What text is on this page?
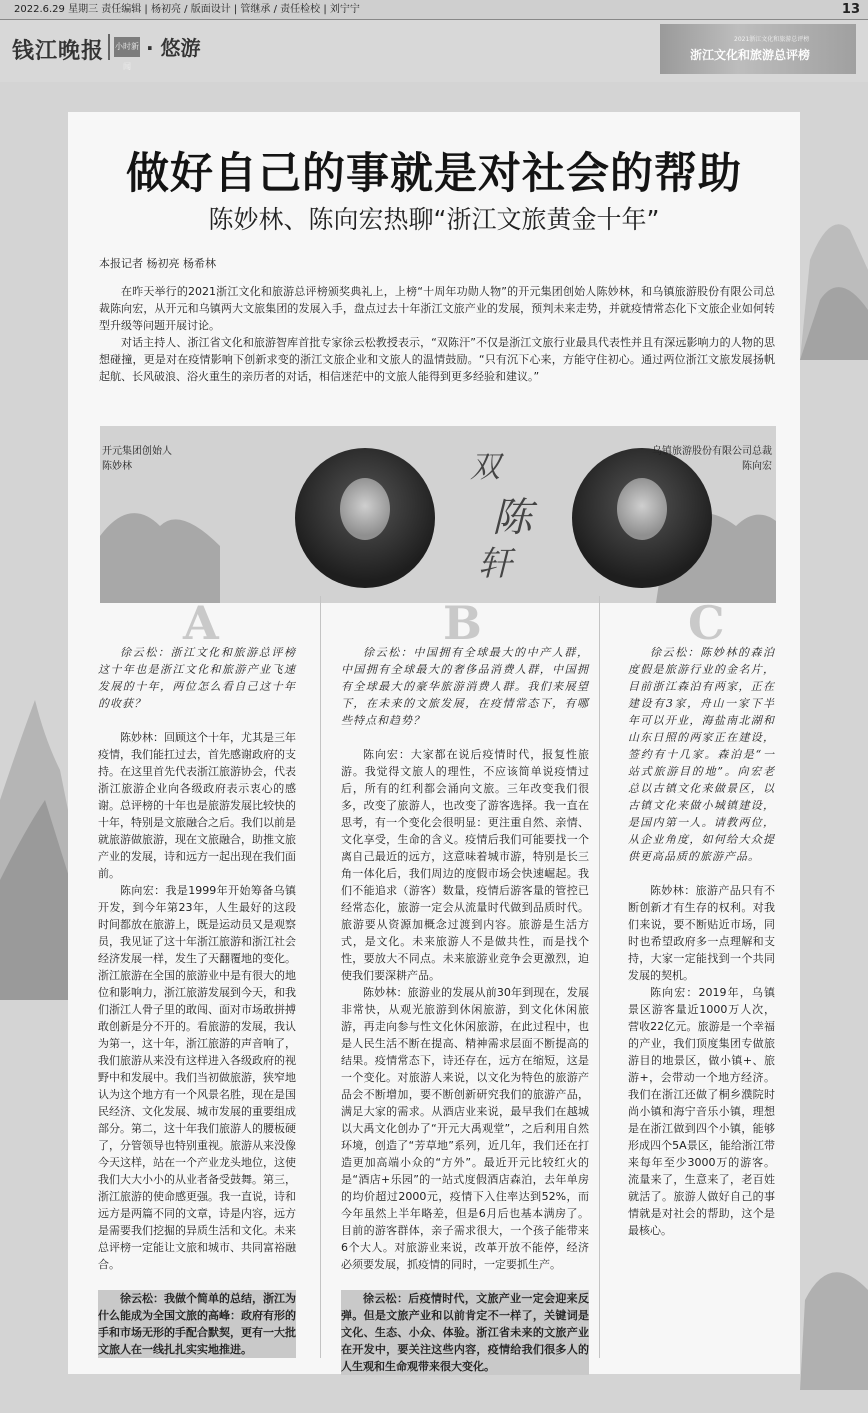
2022.6.29 星期三 责任编辑 | 杨初亮 / 版面设计 | 管继承 / 责任检校 | 刘宁宁	13
钱江晚报 小时新闻
· 悠游	2021浙江文化和旅游总评榜
浙江文化和旅游总评榜
做好自己的事就是对社会的帮助
陈妙林、陈向宏热聊“浙江文旅黄金十年”
本报记者 杨初亮 杨希林

在昨天举行的2021浙江文化和旅游总评榜颁奖典礼上，上榜“十周年功勋人物”的开元集团创始人陈妙林，和乌镇旅游股份有限公司总裁陈向宏，从开元和乌镇两大文旅集团的发展入手，盘点过去十年浙江文旅产业的发展，预判未来走势，并就疫情常态化下文旅企业如何转型升级等问题开展讨论。

对话主持人、浙江省文化和旅游智库首批专家徐云松教授表示，“双陈汗”不仅是浙江文旅行业最具代表性并且有深远影响力的人物的思想碰撞，更是对在疫情影响下创新求变的浙江文旅企业和文旅人的温情鼓励。“只有沉下心来，方能守住初心。通过两位浙江文旅发展扬帆起航、长风破浪、浴火重生的亲历者的对话，相信迷茫中的文旅人能得到更多经验和建议。”

双
陈
轩
开元集团创始人
陈妙林
乌镇旅游股份有限公司总裁
陈向宏
A	B	C

徐云松：浙江文化和旅游总评榜这十年也是浙江文化和旅游产业飞速发展的十年，两位怎么看自己这十年的收获？

陈妙林：回顾这个十年，尤其是三年疫情，我们能扛过去，首先感谢政府的支持。在这里首先代表浙江旅游协会，代表浙江旅游企业向各级政府表示衷心的感谢。总评榜的十年也是旅游发展比较快的十年，特别是文旅融合之后。我们以前是就旅游做旅游，现在文旅融合，助推文旅产业的发展，诗和远方一起出现在我们面前。

陈向宏：我是1999年开始筹备乌镇开发，到今年第23年，人生最好的这段时间都放在旅游上，既是运动员又是观察员，我见证了这十年浙江旅游和浙江社会经济发展一样，发生了天翻覆地的变化。浙江旅游在全国的旅游业中是有很大的地位和影响力，浙江旅游发展到今天，和我们浙江人骨子里的敢闯、面对市场敢拼搏敢创新是分不开的。看旅游的发展，我认为第一，这十年，浙江旅游的声音响了，我们旅游从来没有这样进入各级政府的视野中和发展中。我们当初做旅游，狭窄地认为这个地方有一个风景名胜，现在是国民经济、文化发展、城市发展的重要组成部分。第二，这十年我们旅游人的腰板硬了，分管领导也特别重视。旅游从来没像今天这样，站在一个产业龙头地位，这使我们大大小小的从业者备受鼓舞。第三，浙江旅游的使命感更强。我一直说，诗和远方是两篇不同的文章，诗是内容，远方是需要我们挖掘的异质生活和文化。未来总评榜一定能让文旅和城市、共同富裕融合。

徐云松：我做个简单的总结，浙江为什么能成为全国文旅的高峰：政府有形的手和市场无形的手配合默契，更有一大批文旅人在一线扎扎实实地推进。

徐云松：中国拥有全球最大的中产人群，中国拥有全球最大的奢侈品消费人群，中国拥有全球最大的豪华旅游消费人群。我们来展望下，在未来的文旅发展，在疫情常态下，有哪些特点和趋势？

陈向宏：大家都在说后疫情时代，报复性旅游。我觉得文旅人的理性，不应该简单说疫情过后，所有的红利都会涌向文旅。三年改变我们很多，改变了旅游人，也改变了游客选择。我一直在思考，有一个变化会很明显：更注重自然、亲情、文化享受，生命的含义。疫情后我们可能要找一个离自己最近的远方，这意味着城市游，特别是长三角一体化后，我们周边的度假市场会快速崛起。我们不能追求（游客）数量，疫情后游客量的管控已经常态化，旅游一定会从流量时代做到品质时代。旅游要从资源加概念过渡到内容。旅游是生活方式，是文化。未来旅游人不是做共性，而是找个性，要放大不同点。未来旅游业竞争会更激烈，迫使我们要深耕产品。

陈妙林：旅游业的发展从前30年到现在，发展非常快，从观光旅游到休闲旅游，到文化休闲旅游，再走向参与性文化休闲旅游，在此过程中，也是人民生活不断在提高、精神需求层面不断提高的结果。疫情常态下，诗还存在，远方在缩短，这是一个变化。对旅游人来说，以文化为特色的旅游产品会不断增加，要不断创新研究我们的旅游产品，满足大家的需求。从酒店业来说，最早我们在越城以大禹文化创办了“开元大禹观堂”，之后利用自然环境，创造了“芳草地”系列，近几年，我们还在打造更加高端小众的“方外”。最近开元比较红火的是“酒店+乐园”的一站式度假酒店森泊，去年单房的均价超过2000元，疫情下入住率达到52%，而今年虽然上半年略差，但是6月后也基本满房了。目前的游客群体，亲子需求很大，一个孩子能带来6个大人。对旅游业来说，改革开放不能停，经济必须要发展，抓疫情的同时，一定要抓生产。

徐云松：后疫情时代，文旅产业一定会迎来反弹。但是文旅产业和以前肯定不一样了，关键词是文化、生态、小众、体验。浙江省未来的文旅产业在开发中，要关注这些内容，疫情给我们很多人的人生观和生命观带来很大变化。

徐云松：陈妙林的森泊度假是旅游行业的金名片，目前浙江森泊有两家，正在建设有3家，舟山一家下半年可以开业，海盐南北湖和山东日照的两家正在建设，签约有十几家。森泊是“一站式旅游目的地”。向宏老总以古镇文化来做景区，以古镇文化来做小城镇建设，是国内第一人。请教两位，从企业角度，如何给大众提供更高品质的旅游产品。

陈妙林：旅游产品只有不断创新才有生存的权利。对我们来说，要不断贴近市场，同时也希望政府多一点理解和支持，大家一定能找到一个共同发展的契机。

陈向宏：2019年，乌镇景区游客量近1000万人次，营收22亿元。旅游是一个幸福的产业，我们顶度集团专做旅游目的地景区，做小镇+、旅游+，会带动一个地方经济。我们在浙江还做了桐乡濮院时尚小镇和海宁音乐小镇，理想是在浙江做到四个小镇，能够形成四个5A景区，能给浙江带来每年至少3000万的游客。流量来了，生意来了，老百姓就活了。旅游人做好自己的事情就是对社会的帮助，这个是最核心。
